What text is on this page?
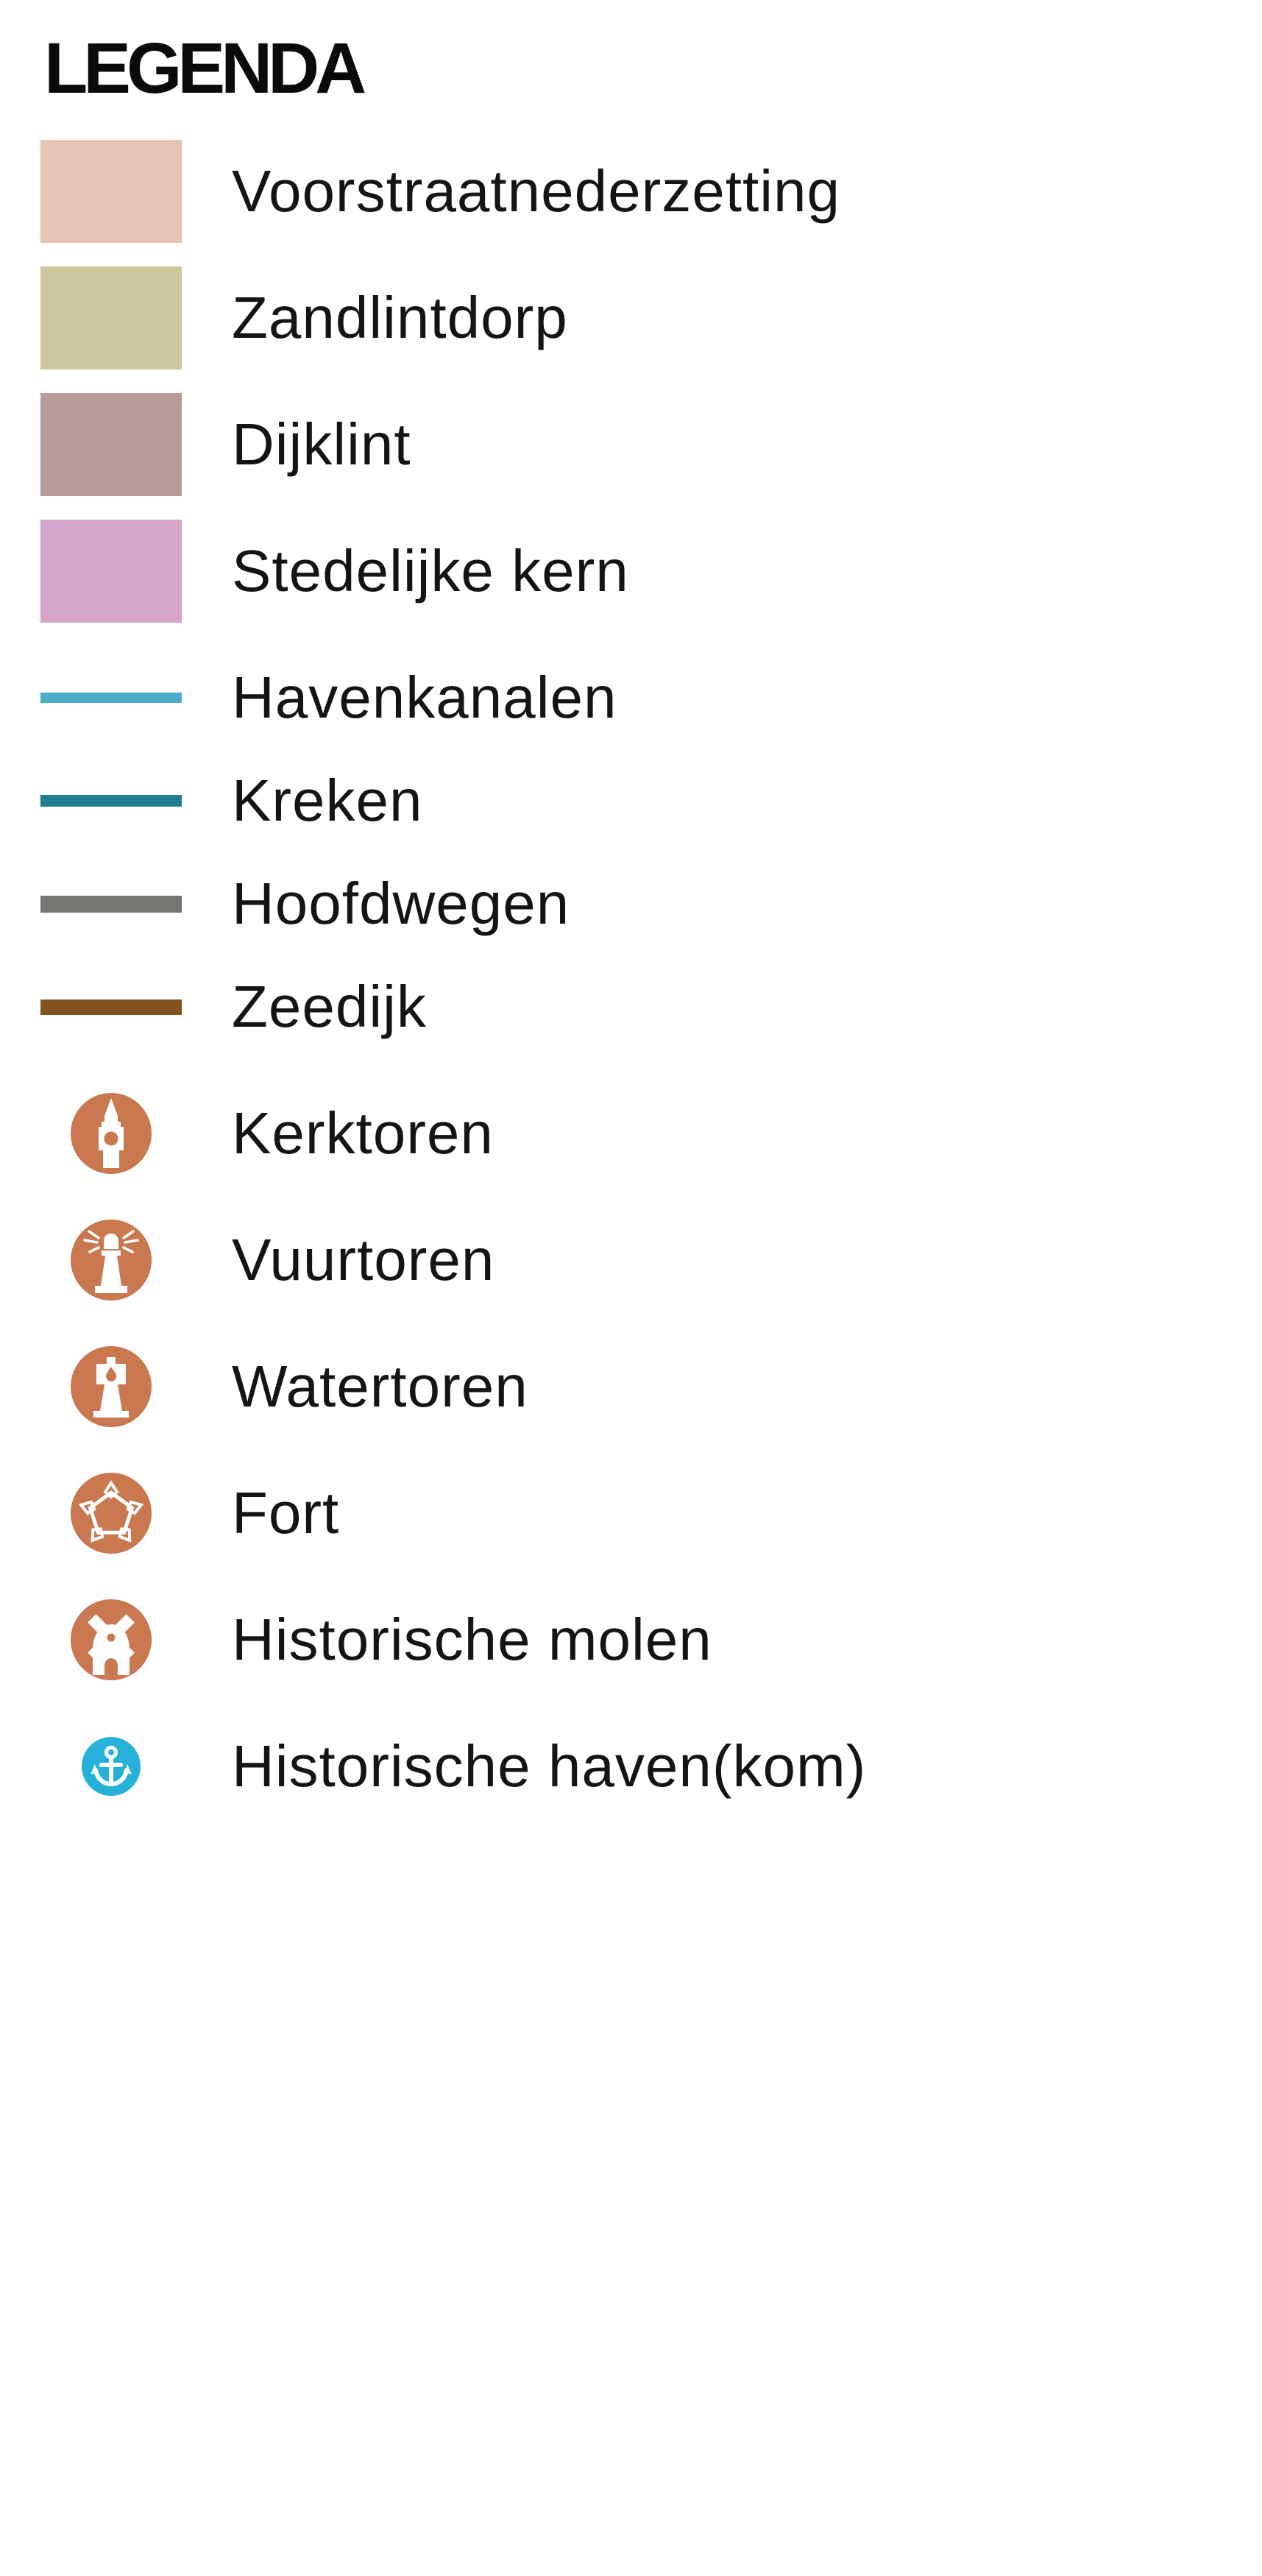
LEGENDA
Voorstraatnederzetting
Zandlintdorp
Dijklint
Stedelijke kern
Havenkanalen
Kreken
Hoofdwegen
Zeedijk
Kerktoren
Vuurtoren
Watertoren
Fort
Historische molen
Historische haven(kom)
